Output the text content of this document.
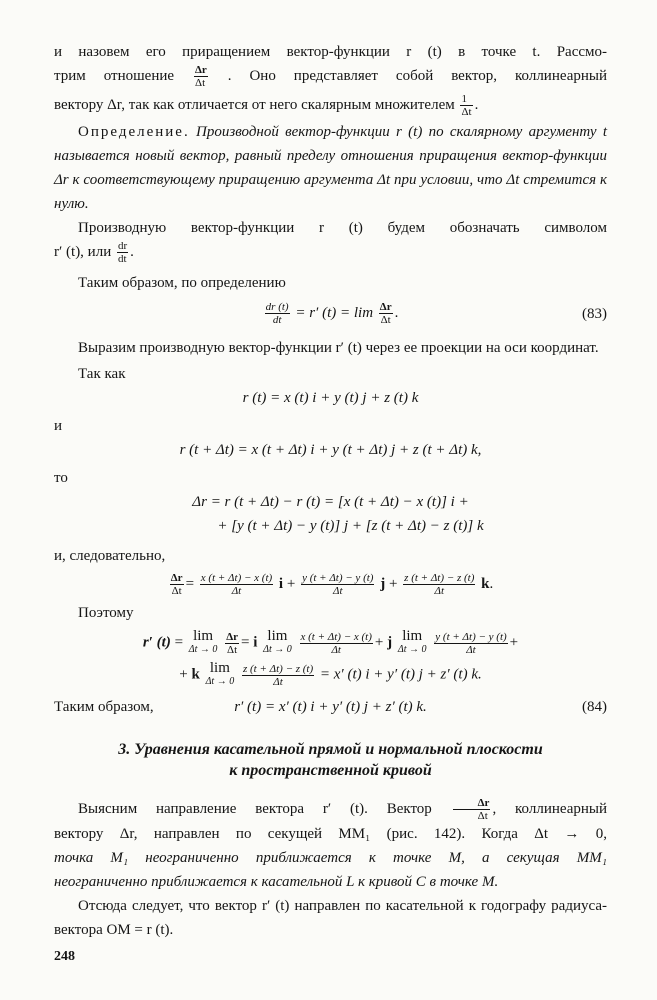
и назовем его приращением вектор-функции r (t) в точке t. Рассмо-

трим отношение $\frac{\Delta r}{\Delta t}$ . Оно представляет собой вектор, коллинеарный

вектору Δr, так как отличается от него скалярным множителем $\frac{1}{\Delta t}$ .

Определение. Производной вектор-функции r (t) по скалярному аргументу t называется новый вектор, равный пределу отношения приращения вектор-функции Δr к соответствующему приращению аргумента Δt при условии, что Δt стремится к нулю.

Производную вектор-функции r (t) будем обозначать символом

r′ (t), или $\frac{dr}{dt}$ .

Таким образом, по определению

$\frac{dr (t)}{dt} = r'$ $(t) = \lim \frac{\Delta r}{\Delta t}$ .	(83)

Выразим производную вектор-функции r′ (t) через ее проекции на оси координат.

Так как

r (t) = x (t) i + y (t) j + z (t) k
и

r (t + Δt) = x (t + Δt) i + y (t + Δt) j + z (t + Δt) k,
то

Δr = r (t + Δt) − r (t) = [x (t + Δt) − x (t)] i +
+ [y (t + Δt) − y (t)] j + [z (t + Δt) − z (t)] k

и, следовательно,

$\frac{\Delta r}{\Delta t} = \frac{x (t + \Delta t) - x (t)}{\Delta t}$ $i + \frac{y (t + \Delta t) - y (t)}{\Delta t}$ $j + \frac{z (t + \Delta t) - z (t)}{\Delta t} k$.

Поэтому

r′ (t) = lim
Δt → 0
$\frac{\Delta r}{\Delta t} = i$ lim
Δt → 0
$\frac{x (t + \Delta t) - x (t)}{\Delta t} + j$ lim
Δt → 0
$\frac{y (t + \Delta t) - y (t)}{\Delta t}$ +
+ k lim
Δt → 0
$\frac{z (t + \Delta t) - z (t)}{\Delta t} = x'$ (t) i + y′ (t) j + z′ (t) k.
Таким образом,	r′ (t) = x′ (t) i + y′ (t) j + z′ (t) k.	(84)
3. Уравнения касательной прямой и нормальной плоскости
к пространственной кривой

Выясним направление вектора r′ (t). Вектор $\frac{\Delta r}{\Delta t}$ , коллинеарный

вектору Δr, направлен по секущей MM₁ (рис. 142). Когда Δt → 0,

точка M₁ неограниченно приближается к точке M, а секущая MM₁

неограниченно приближается к касательной L к кривой C в точке M.

Отсюда следует, что вектор r′ (t) направлен по касательной к годографу радиуса-вектора OM = r (t).

248
